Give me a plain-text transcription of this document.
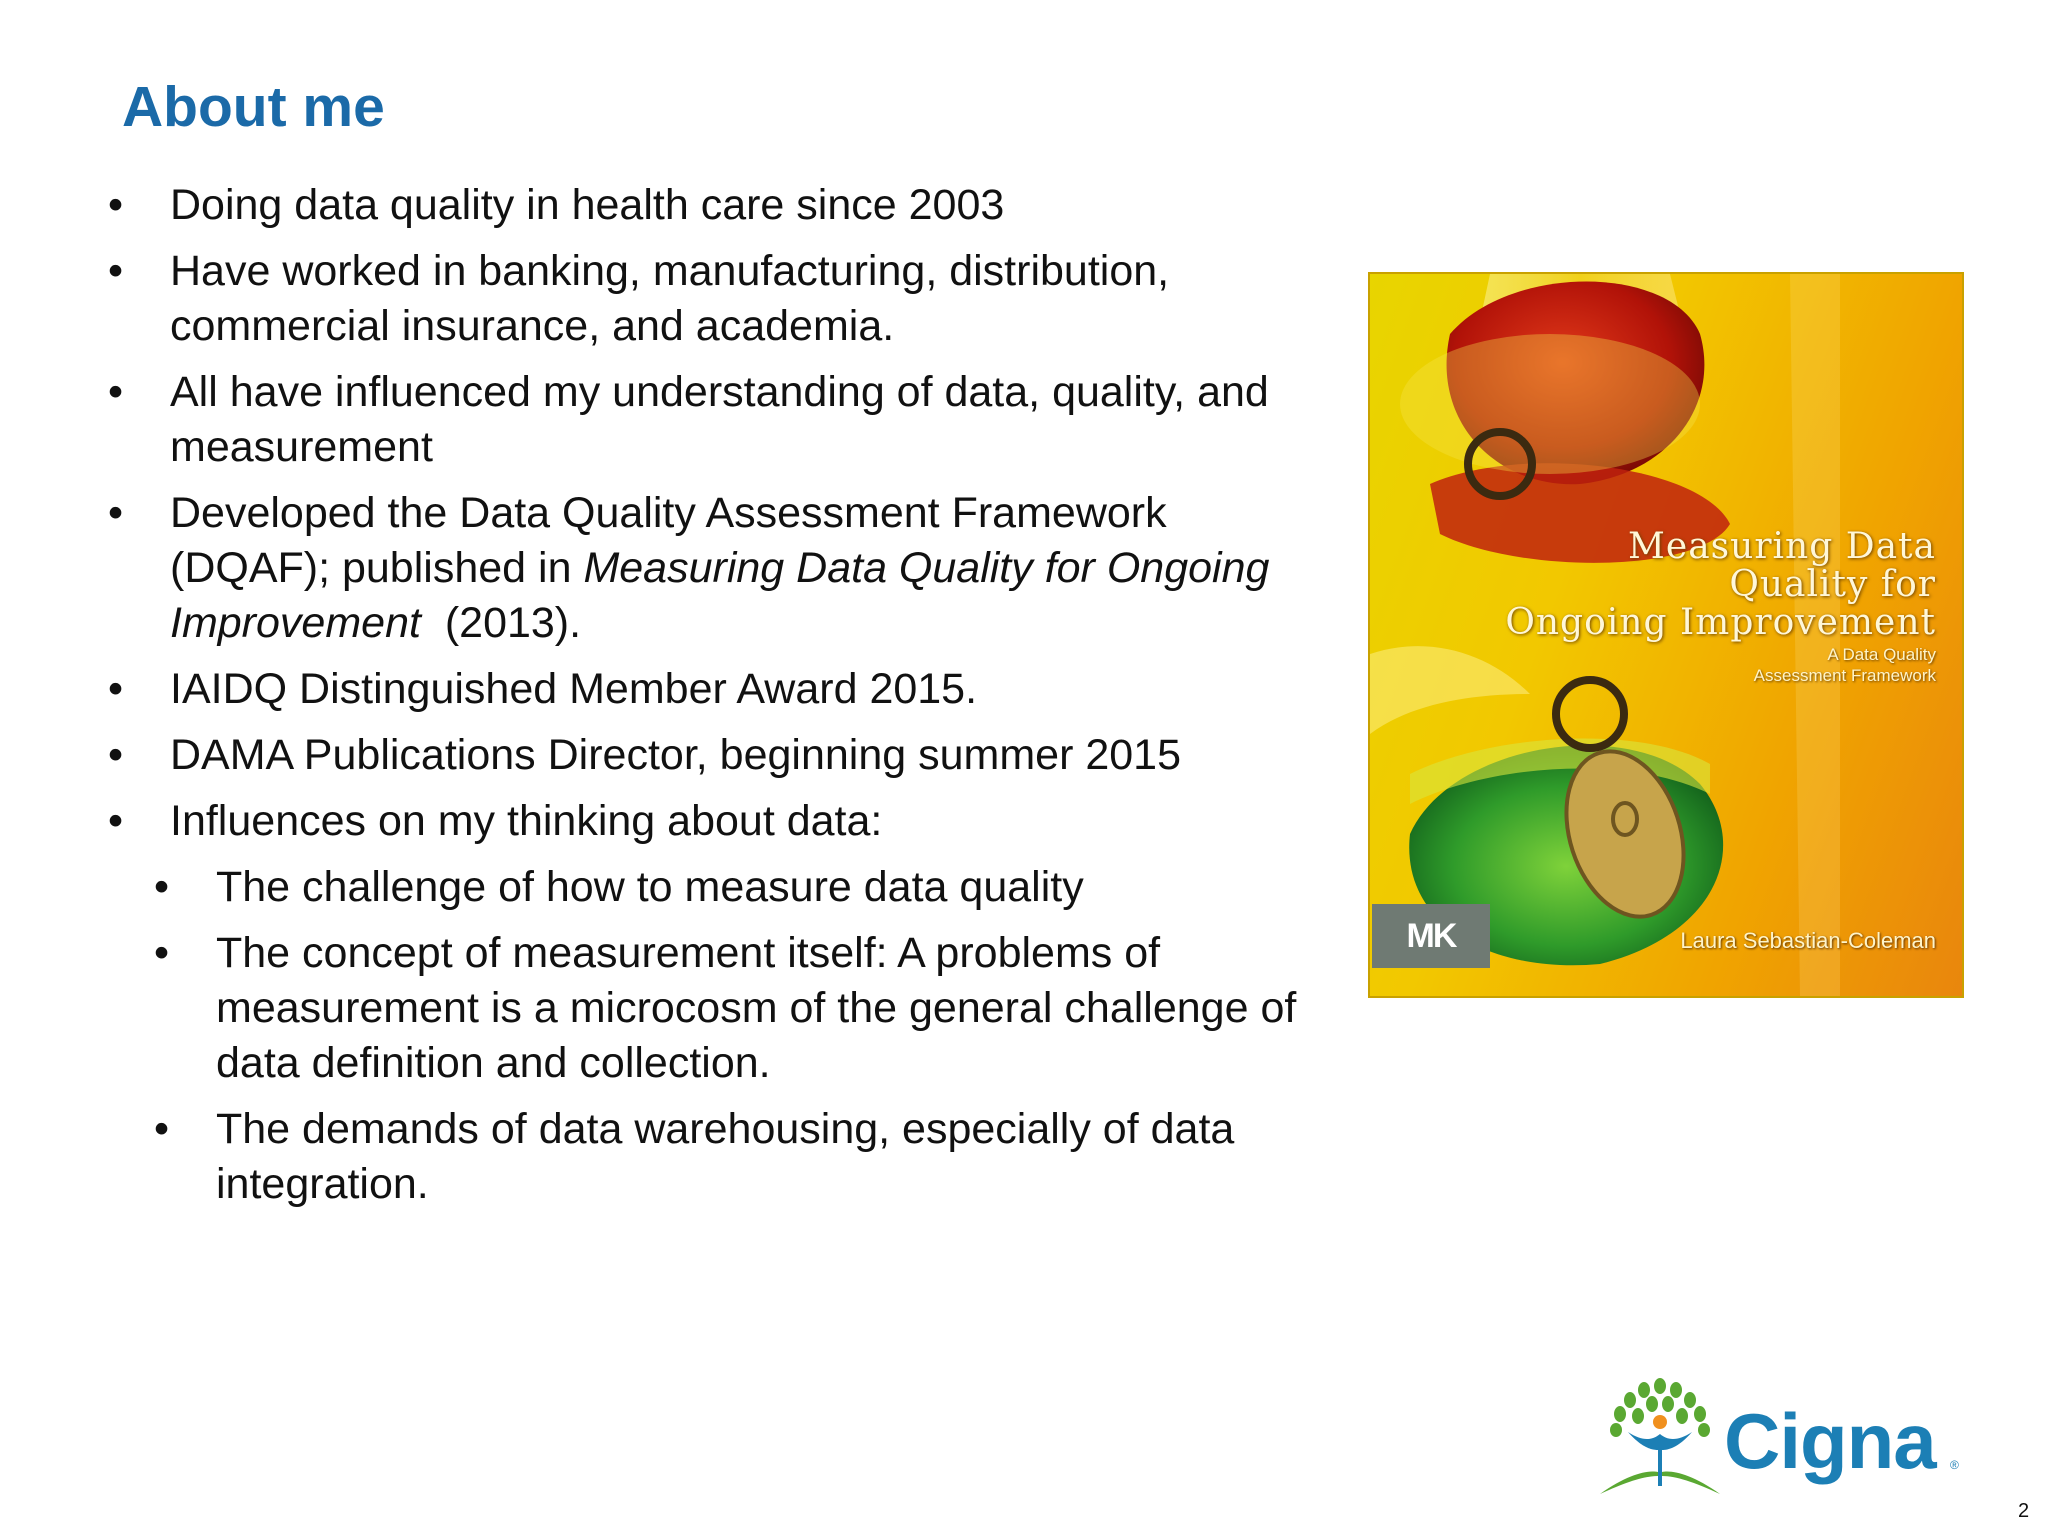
About me
•	Doing data quality in health care since 2003
•	Have worked in banking, manufacturing, distribution, commercial insurance, and academia.
•	All have influenced my understanding of data, quality, and measurement
•	Developed the Data Quality Assessment Framework (DQAF); published in Measuring Data Quality for Ongoing Improvement  (2013).
•	IAIDQ Distinguished Member Award 2015.
•	DAMA Publications Director, beginning summer 2015
•	Influences on my thinking about data:
•	The challenge of how to measure data quality
•	The concept of measurement itself: A problems of measurement is a microcosm of the general challenge of data definition and collection.
•	The demands of data warehousing, especially of data integration.
Measuring Data
Quality for
Ongoing Improvement
A Data Quality
Assessment Framework
MK	Laura Sebastian-Coleman
Cigna ®
2
